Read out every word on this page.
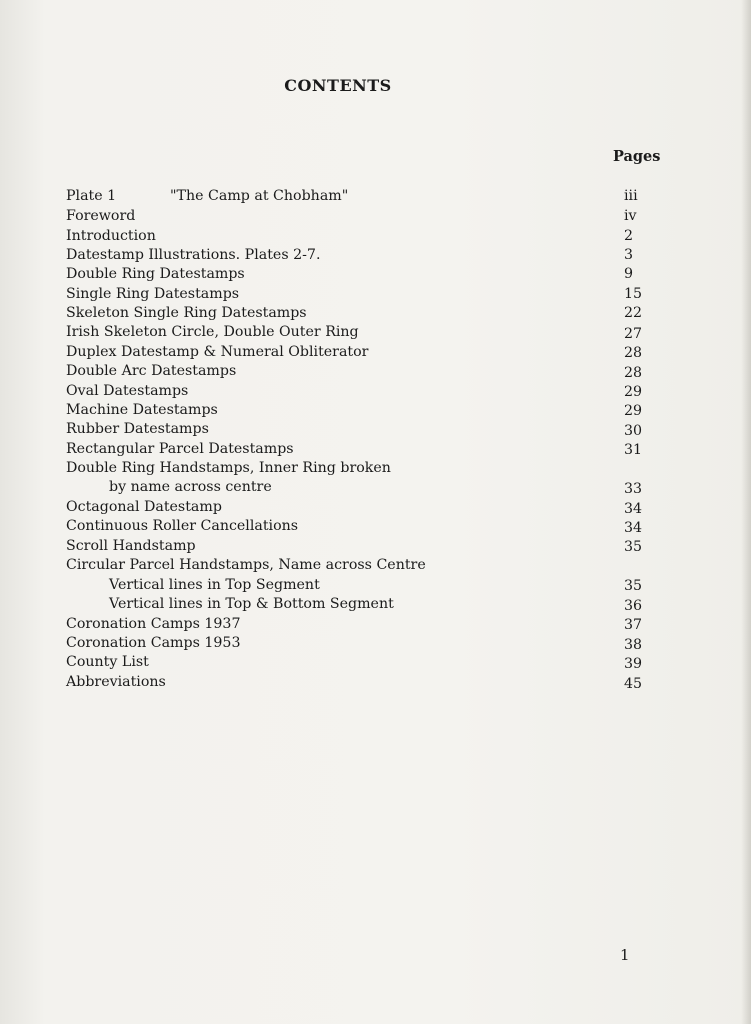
CONTENTS
Pages
Plate 1	"The Camp at Chobham"	iii
Foreword	iv
Introduction	2
Datestamp Illustrations. Plates 2-7.	3
Double Ring Datestamps	9
Single Ring Datestamps	15
Skeleton Single Ring Datestamps	22
Irish Skeleton Circle, Double Outer Ring	27
Duplex Datestamp & Numeral Obliterator	28
Double Arc Datestamps	28
Oval Datestamps	29
Machine Datestamps	29
Rubber Datestamps	30
Rectangular Parcel Datestamps	31
Double Ring Handstamps, Inner Ring broken
by name across centre	33
Octagonal Datestamp	34
Continuous Roller Cancellations	34
Scroll Handstamp	35
Circular Parcel Handstamps, Name across Centre
Vertical lines in Top Segment	35
Vertical lines in Top & Bottom Segment	36
Coronation Camps 1937	37
Coronation Camps 1953	38
County List	39
Abbreviations	45
1
